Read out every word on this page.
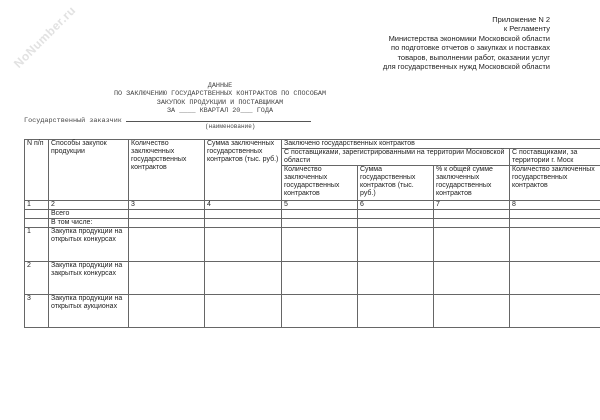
NoNumber.ru	Приложение N 2
к Регламенту
Министерства экономики Московской области
по подготовке отчетов о закупках и поставках
товаров, выполнении работ, оказании услуг
для государственных нужд Московской области
ДАННЫЕ
ПО ЗАКЛЮЧЕНИЮ ГОСУДАРСТВЕННЫХ КОНТРАКТОВ ПО СПОСОБАМ
ЗАКУПОК ПРОДУКЦИИ И ПОСТАВЩИКАМ
ЗА ____ КВАРТАЛ 20___ ГОДА
Государственный заказчик
(наименование)
N п/п	Способы закупок продукции	Количество заключенных государственных контрактов	Сумма заключенных государственных контрактов (тыс. руб.)	Заключено государственных контрактов			
				С поставщиками, зарегистрированными на территории Московской области			С поставщиками, за территории г. Моск
				Количество заключенных государственных контрактов	Сумма государственных контрактов (тыс. руб.)	% к общей сумме заключенных государственных контрактов	Количество заключенных государственных контрактов
1	2	3	4	5	6	7	8
	Всего						
	В том числе:						
1	Закупка продукции на открытых конкурсах						
2	Закупка продукции на закрытых конкурсах						
3	Закупка продукции на открытых аукционах						
